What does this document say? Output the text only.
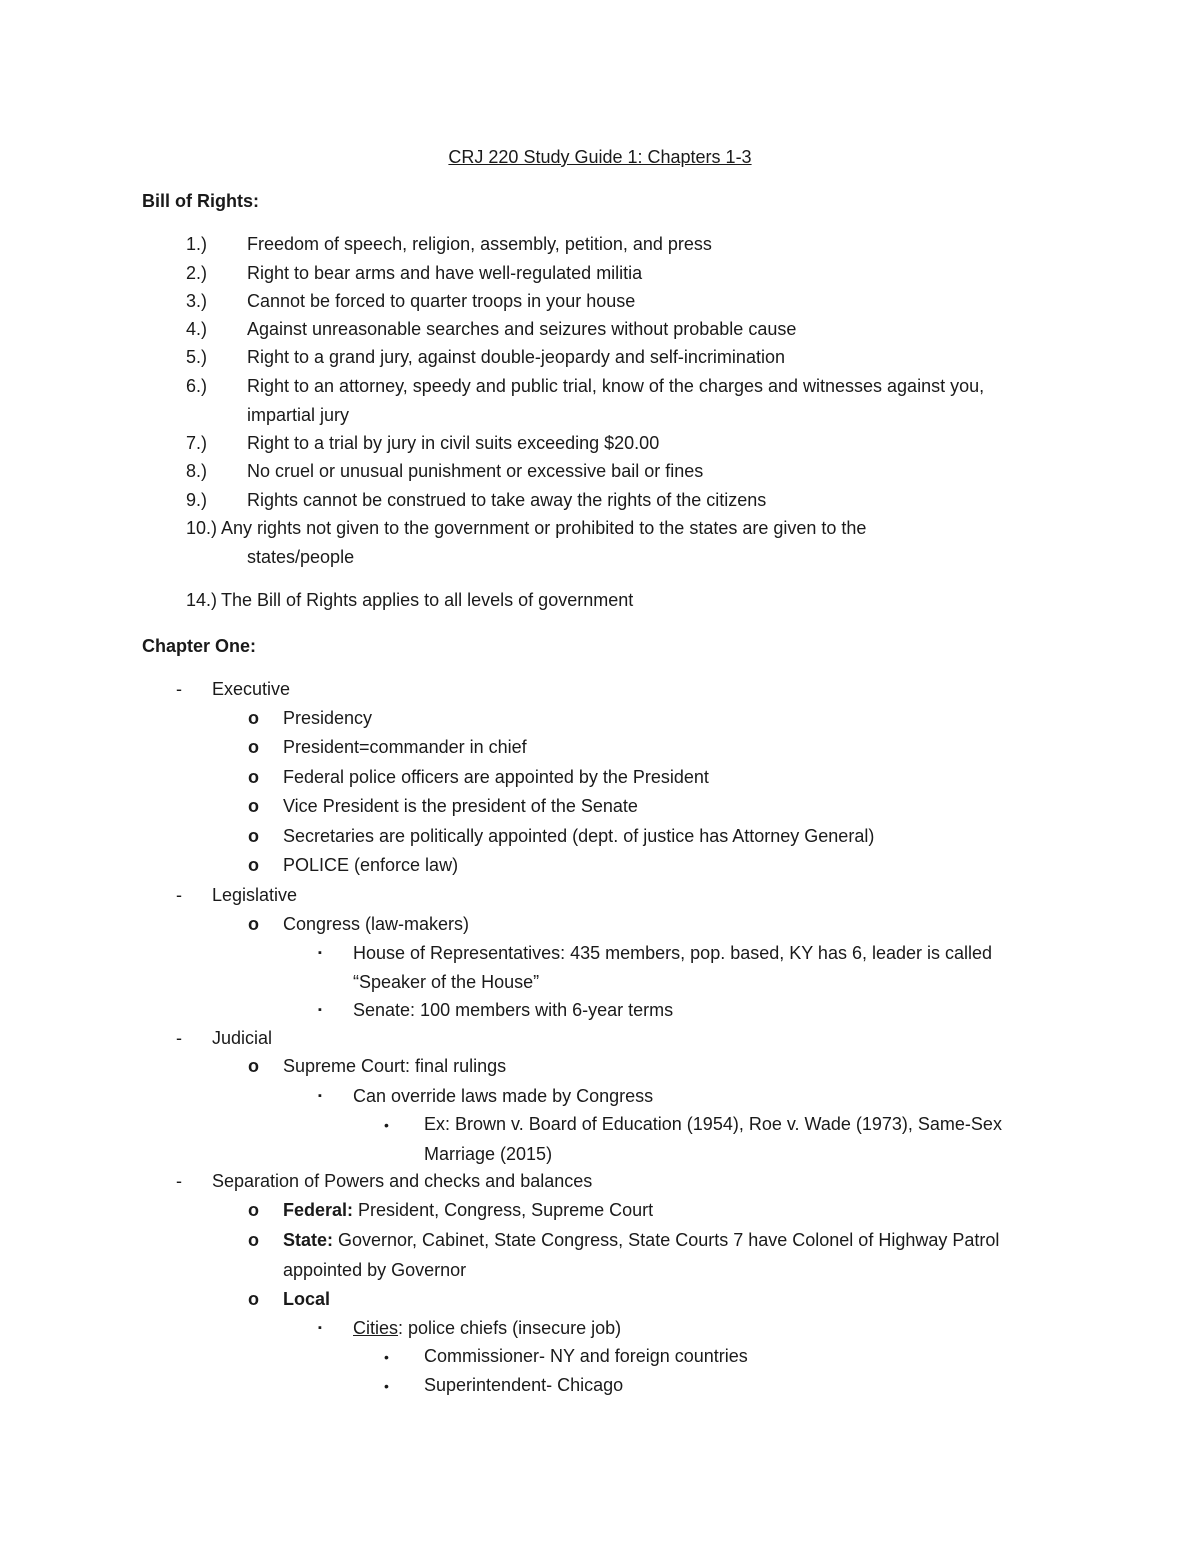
CRJ 220 Study Guide 1: Chapters 1-3
Bill of Rights:
1.) Freedom of speech, religion, assembly, petition, and press
2.) Right to bear arms and have well-regulated militia
3.) Cannot be forced to quarter troops in your house
4.) Against unreasonable searches and seizures without probable cause
5.) Right to a grand jury, against double-jeopardy and self-incrimination
6.) Right to an attorney, speedy and public trial, know of the charges and witnesses against you,
impartial jury
7.) Right to a trial by jury in civil suits exceeding $20.00
8.) No cruel or unusual punishment or excessive bail or fines
9.) Rights cannot be construed to take away the rights of the citizens
10.) Any rights not given to the government or prohibited to the states are given to the
states/people
14.) The Bill of Rights applies to all levels of government
Chapter One:
- Executive
o Presidency
o President=commander in chief
o Federal police officers are appointed by the President
o Vice President is the president of the Senate
o Secretaries are politically appointed (dept. of justice has Attorney General)
o POLICE (enforce law)
- Legislative
o Congress (law-makers)
▪ House of Representatives: 435 members, pop. based, KY has 6, leader is called
“Speaker of the House”
▪ Senate: 100 members with 6-year terms
- Judicial
o Supreme Court: final rulings
▪ Can override laws made by Congress
• Ex: Brown v. Board of Education (1954), Roe v. Wade (1973), Same-Sex
Marriage (2015)
- Separation of Powers and checks and balances
o Federal: President, Congress, Supreme Court
o State: Governor, Cabinet, State Congress, State Courts 7 have Colonel of Highway Patrol
appointed by Governor
o Local
▪ Cities: police chiefs (insecure job)
• Commissioner- NY and foreign countries
• Superintendent- Chicago
